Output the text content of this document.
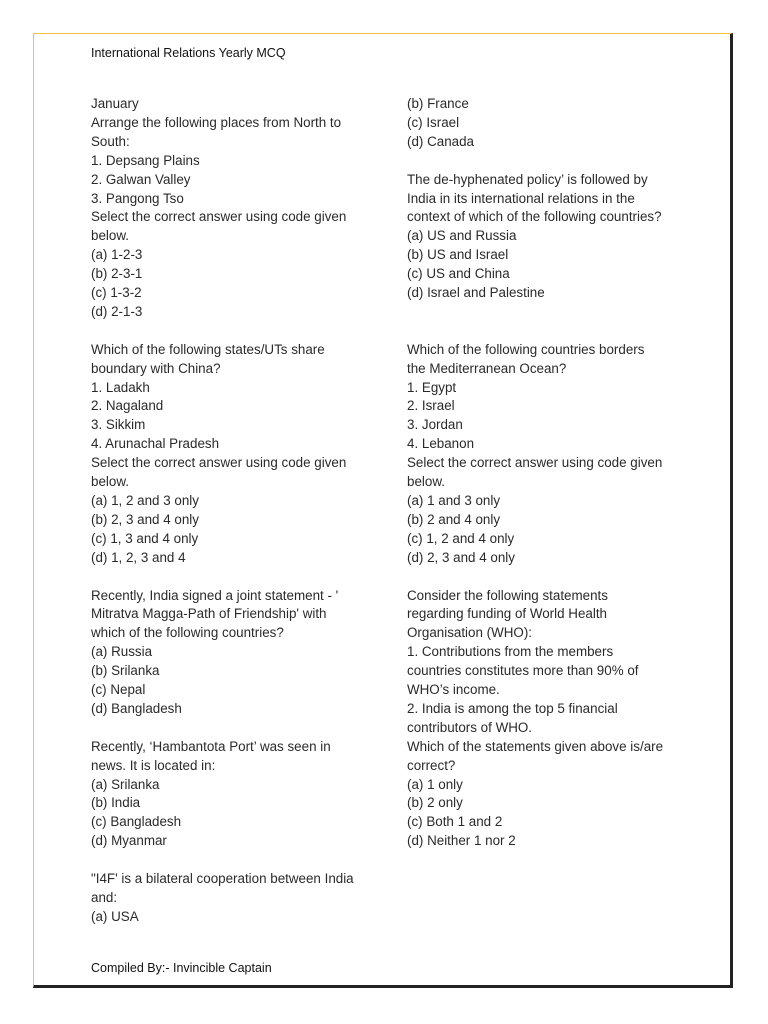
International Relations Yearly MCQ
January
Arrange the following places from North to
South:
1. Depsang Plains
2. Galwan Valley
3. Pangong Tso
Select the correct answer using code given
below.
(a) 1-2-3
(b) 2-3-1
(c) 1-3-2
(d) 2-1-3
Which of the following states/UTs share
boundary with China?
1. Ladakh
2. Nagaland
3. Sikkim
4. Arunachal Pradesh
Select the correct answer using code given
below.
(a) 1, 2 and 3 only
(b) 2, 3 and 4 only
(c) 1, 3 and 4 only
(d) 1, 2, 3 and 4
Recently, India signed a joint statement - '
Mitratva Magga-Path of Friendship' with
which of the following countries?
(a) Russia
(b) Srilanka
(c) Nepal
(d) Bangladesh
Recently, ‘Hambantota Port’ was seen in
news. It is located in:
(a) Srilanka
(b) India
(c) Bangladesh
(d) Myanmar
"I4F' is a bilateral cooperation between India
and:
(a) USA
(b) France
(c) Israel
(d) Canada
The de-hyphenated policy’ is followed by
India in its international relations in the
context of which of the following countries?
(a) US and Russia
(b) US and Israel
(c) US and China
(d) Israel and Palestine
Which of the following countries borders
the Mediterranean Ocean?
1. Egypt
2. Israel
3. Jordan
4. Lebanon
Select the correct answer using code given
below.
(a) 1 and 3 only
(b) 2 and 4 only
(c) 1, 2 and 4 only
(d) 2, 3 and 4 only
Consider the following statements
regarding funding of World Health
Organisation (WHO):
1. Contributions from the members
countries constitutes more than 90% of
WHO’s income.
2. India is among the top 5 financial
contributors of WHO.
Which of the statements given above is/are
correct?
(a) 1 only
(b) 2 only
(c) Both 1 and 2
(d) Neither 1 nor 2
Compiled By:- Invincible Captain
